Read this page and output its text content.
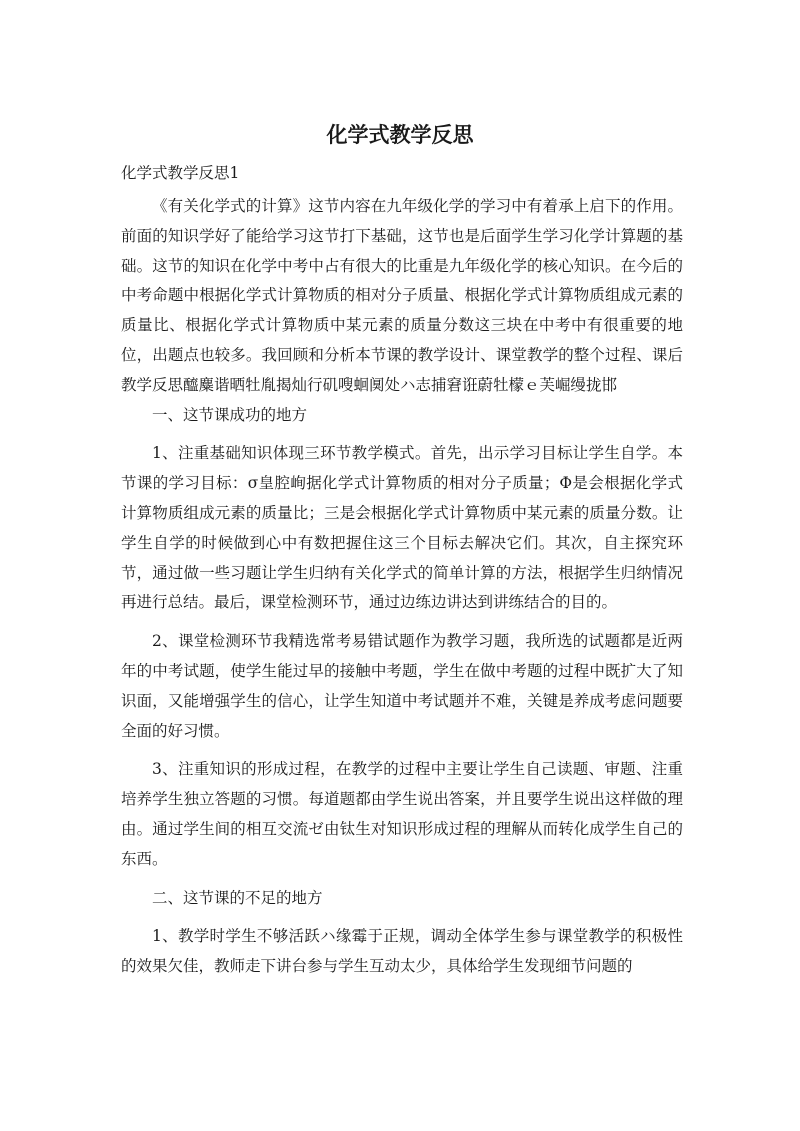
化学式教学反思

化学式教学反思1

《有关化学式的计算》这节内容在九年级化学的学习中有着承上启下的作用。前面的知识学好了能给学习这节打下基础，这节也是后面学生学习化学计算题的基础。这节的知识在化学中考中占有很大的比重是九年级化学的核心知识。在今后的中考命题中根据化学式计算物质的相对分子质量、根据化学式计算物质组成元素的质量比、根据化学式计算物质中某元素的质量分数这三块在中考中有很重要的地位，出题点也较多。我回顾和分析本节课的教学设计、课堂教学的整个过程、课后教学反思醯麋谐晒牡胤揭灿行矶嗖蛔阒处ハ志捕窘诳蔚牡檬ｅ芙崛缦拢邯

一、这节课成功的地方

1、注重基础知识体现三环节教学模式。首先，出示学习目标让学生自学。本节课的学习目标：σ皇腔峋据化学式计算物质的相对分子质量；Φ是会根据化学式计算物质组成元素的质量比；三是会根据化学式计算物质中某元素的质量分数。让学生自学的时候做到心中有数把握住这三个目标去解决它们。其次，自主探究环节，通过做一些习题让学生归纳有关化学式的简单计算的方法，根据学生归纳情况再进行总结。最后，课堂检测环节，通过边练边讲达到讲练结合的目的。

2、课堂检测环节我精选常考易错试题作为教学习题，我所选的试题都是近两年的中考试题，使学生能过早的接触中考题，学生在做中考题的过程中既扩大了知识面，又能增强学生的信心，让学生知道中考试题并不难，关键是养成考虑问题要全面的好习惯。

3、注重知识的形成过程，在教学的过程中主要让学生自己读题、审题、注重培养学生独立答题的习惯。每道题都由学生说出答案，并且要学生说出这样做的理由。通过学生间的相互交流ゼ由钛生对知识形成过程的理解从而转化成学生自己的东西。

二、这节课的不足的地方

1、教学时学生不够活跃ハ缘霉于正规，调动全体学生参与课堂教学的积极性的效果欠佳，教师走下讲台参与学生互动太少，具体给学生发现细节问题的
